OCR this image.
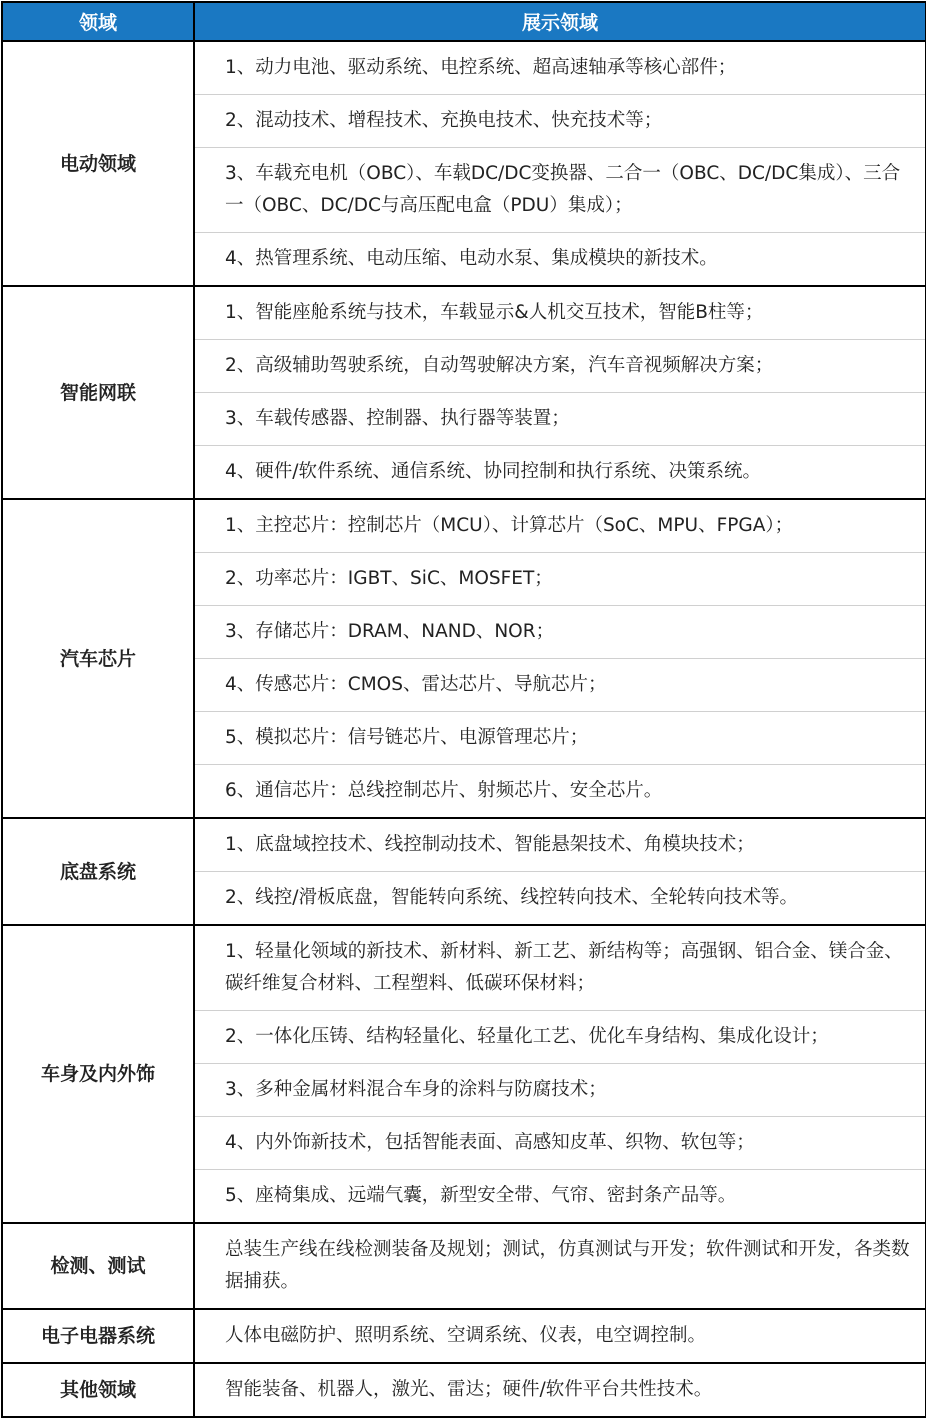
领域	展示领域
电动领域	1、动力电池、驱动系统、电控系统、超高速轴承等核心部件；
	2、混动技术、增程技术、充换电技术、快充技术等；
	3、车载充电机（OBC）、车载DC/DC变换器、二合一（OBC、DC/DC集成）、三合一（OBC、DC/DC与高压配电盒（PDU）集成）；
	4、热管理系统、电动压缩、电动水泵、集成模块的新技术。
智能网联	1、智能座舱系统与技术，车载显示&人机交互技术，智能B柱等；
	2、高级辅助驾驶系统，自动驾驶解决方案，汽车音视频解决方案；
	3、车载传感器、控制器、执行器等装置；
	4、硬件/软件系统、通信系统、协同控制和执行系统、决策系统。
汽车芯片	1、主控芯片：控制芯片（MCU）、计算芯片（SoC、MPU、FPGA）；
	2、功率芯片：IGBT、SiC、MOSFET；
	3、存储芯片：DRAM、NAND、NOR；
	4、传感芯片：CMOS、雷达芯片、导航芯片；
	5、模拟芯片：信号链芯片、电源管理芯片；
	6、通信芯片：总线控制芯片、射频芯片、安全芯片。
底盘系统	1、底盘域控技术、线控制动技术、智能悬架技术、角模块技术；
	2、线控/滑板底盘，智能转向系统、线控转向技术、全轮转向技术等。
车身及内外饰	1、轻量化领域的新技术、新材料、新工艺、新结构等；高强钢、铝合金、镁合金、碳纤维复合材料、工程塑料、低碳环保材料；
	2、一体化压铸、结构轻量化、轻量化工艺、优化车身结构、集成化设计；
	3、多种金属材料混合车身的涂料与防腐技术；
	4、内外饰新技术，包括智能表面、高感知皮革、织物、软包等；
	5、座椅集成、远端气囊，新型安全带、气帘、密封条产品等。
检测、测试	总装生产线在线检测装备及规划；测试，仿真测试与开发；软件测试和开发，各类数据捕获。
电子电器系统	人体电磁防护、照明系统、空调系统、仪表，电空调控制。
其他领域	智能装备、机器人，激光、雷达；硬件/软件平台共性技术。
